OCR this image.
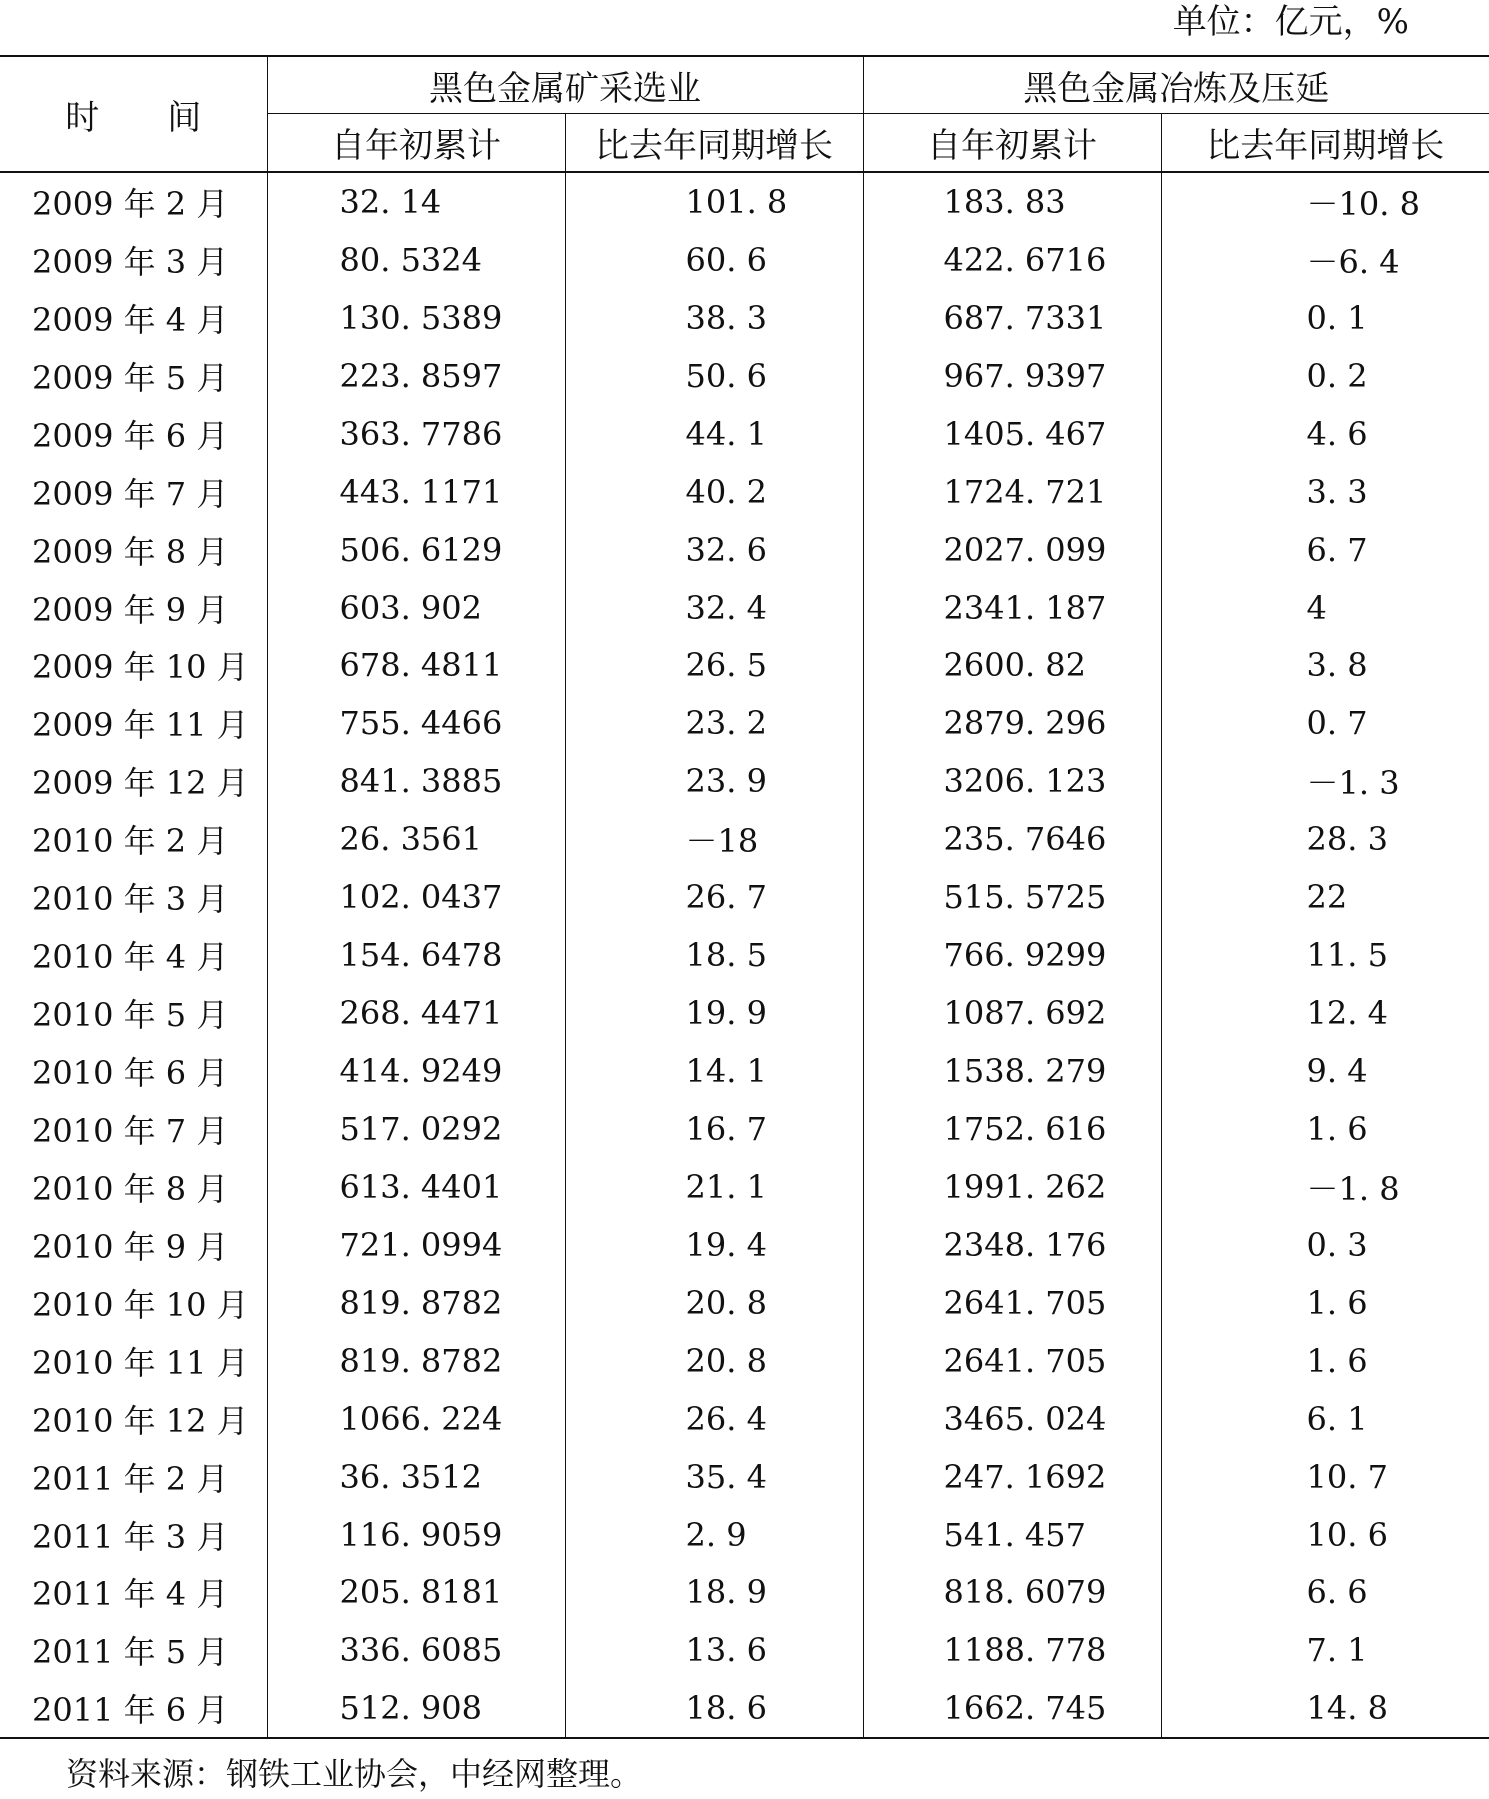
单位：亿元，%
时　　间	黑色金属矿采选业		黑色金属冶炼及压延	
	自年初累计	比去年同期增长	自年初累计	比去年同期增长
2009 年 2 月	32. 14	101. 8	183. 83	－10. 8
2009 年 3 月	80. 5324	60. 6	422. 6716	－6. 4
2009 年 4 月	130. 5389	38. 3	687. 7331	0. 1
2009 年 5 月	223. 8597	50. 6	967. 9397	0. 2
2009 年 6 月	363. 7786	44. 1	1405. 467	4. 6
2009 年 7 月	443. 1171	40. 2	1724. 721	3. 3
2009 年 8 月	506. 6129	32. 6	2027. 099	6. 7
2009 年 9 月	603. 902	32. 4	2341. 187	4
2009 年 10 月	678. 4811	26. 5	2600. 82	3. 8
2009 年 11 月	755. 4466	23. 2	2879. 296	0. 7
2009 年 12 月	841. 3885	23. 9	3206. 123	－1. 3
2010 年 2 月	26. 3561	－18	235. 7646	28. 3
2010 年 3 月	102. 0437	26. 7	515. 5725	22
2010 年 4 月	154. 6478	18. 5	766. 9299	11. 5
2010 年 5 月	268. 4471	19. 9	1087. 692	12. 4
2010 年 6 月	414. 9249	14. 1	1538. 279	9. 4
2010 年 7 月	517. 0292	16. 7	1752. 616	1. 6
2010 年 8 月	613. 4401	21. 1	1991. 262	－1. 8
2010 年 9 月	721. 0994	19. 4	2348. 176	0. 3
2010 年 10 月	819. 8782	20. 8	2641. 705	1. 6
2010 年 11 月	819. 8782	20. 8	2641. 705	1. 6
2010 年 12 月	1066. 224	26. 4	3465. 024	6. 1
2011 年 2 月	36. 3512	35. 4	247. 1692	10. 7
2011 年 3 月	116. 9059	2. 9	541. 457	10. 6
2011 年 4 月	205. 8181	18. 9	818. 6079	6. 6
2011 年 5 月	336. 6085	13. 6	1188. 778	7. 1
2011 年 6 月	512. 908	18. 6	1662. 745	14. 8
资料来源：钢铁工业协会，中经网整理。
